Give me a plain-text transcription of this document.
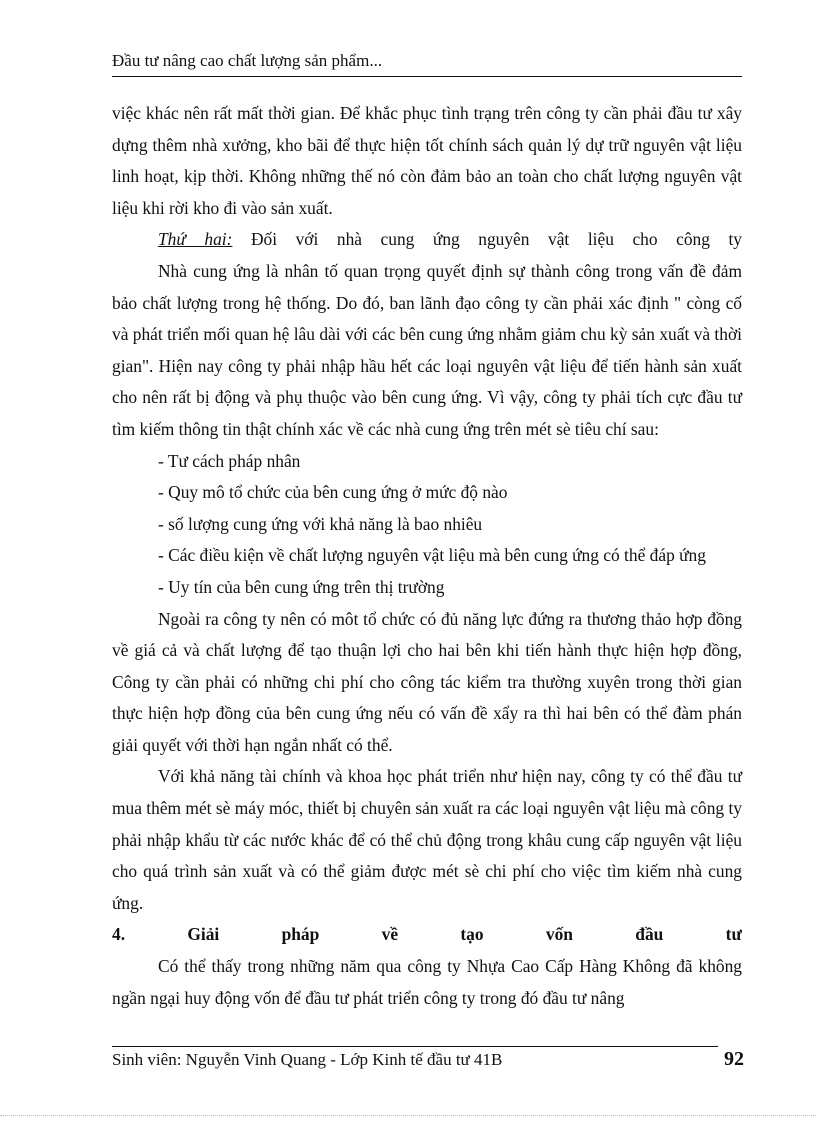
Đầu tư nâng cao chất lượng sản phẩm...

việc khác nên rất mất thời gian. Để khắc phục tình trạng trên công ty cần phải đầu tư xây dựng thêm nhà xưởng, kho bãi để thực hiện tốt chính sách quản lý dự trữ nguyên vật liệu linh hoạt, kịp thời. Không những thế nó còn đảm bảo an toàn cho chất lượng nguyên vật liệu khi rời kho đi vào sản xuất.

Thứ hai: Đối với nhà cung ứng nguyên vật liệu cho công ty

Nhà cung ứng là nhân tố quan trọng quyết định sự thành công trong vấn đề đảm bảo chất lượng trong hệ thống. Do đó, ban lãnh đạo công ty cần phải xác định " còng cố và phát triển mối quan hệ lâu dài với các bên cung ứng nhằm giảm chu kỳ sản xuất và thời gian". Hiện nay công ty phải nhập hầu hết các loại nguyên vật liệu để tiến hành sản xuất cho nên rất bị động và phụ thuộc vào bên cung ứng. Vì vậy, công ty phải tích cực đầu tư tìm kiếm thông tin thật chính xác về các nhà cung ứng trên mét sè tiêu chí sau:

- Tư cách pháp nhân

- Quy mô tổ chức của bên cung ứng ở mức độ nào

- số lượng cung ứng với khả năng là bao nhiêu

- Các điều kiện về chất lượng nguyên vật liệu mà bên cung ứng có thể đáp ứng

- Uy tín của bên cung ứng trên thị trường

Ngoài ra công ty nên có môt tổ chức có đủ năng lực đứng ra thương thảo hợp đồng về giá cả và chất lượng để tạo thuận lợi cho hai bên khi tiến hành thực hiện hợp đồng, Công ty cần phải có những chi phí cho công tác kiểm tra thường xuyên trong thời gian thực hiện hợp đồng của bên cung ứng nếu có vấn đề xẩy ra thì hai bên có thể đàm phán giải quyết với thời hạn ngắn nhất có thể.

Với khả năng tài chính và khoa học phát triển như hiện nay, công ty có thể đầu tư mua thêm mét sè máy móc, thiết bị chuyên sản xuất ra các loại nguyên vật liệu mà công ty phải nhập khẩu từ các nước khác để có thể chủ động trong khâu cung cấp nguyên vật liệu cho quá trình sản xuất và có thể giảm được mét sè chi phí cho việc tìm kiếm nhà cung ứng.

4.	Giải	pháp	về	tạo	vốn	đầu	tư

Có thể thấy trong những năm qua công ty Nhựa Cao Cấp Hàng Không đã không ngần ngại huy động vốn để đầu tư phát triển công ty trong đó đầu tư nâng

Sinh viên: Nguyễn Vinh Quang - Lớp Kinh tế đầu tư 41B	92
